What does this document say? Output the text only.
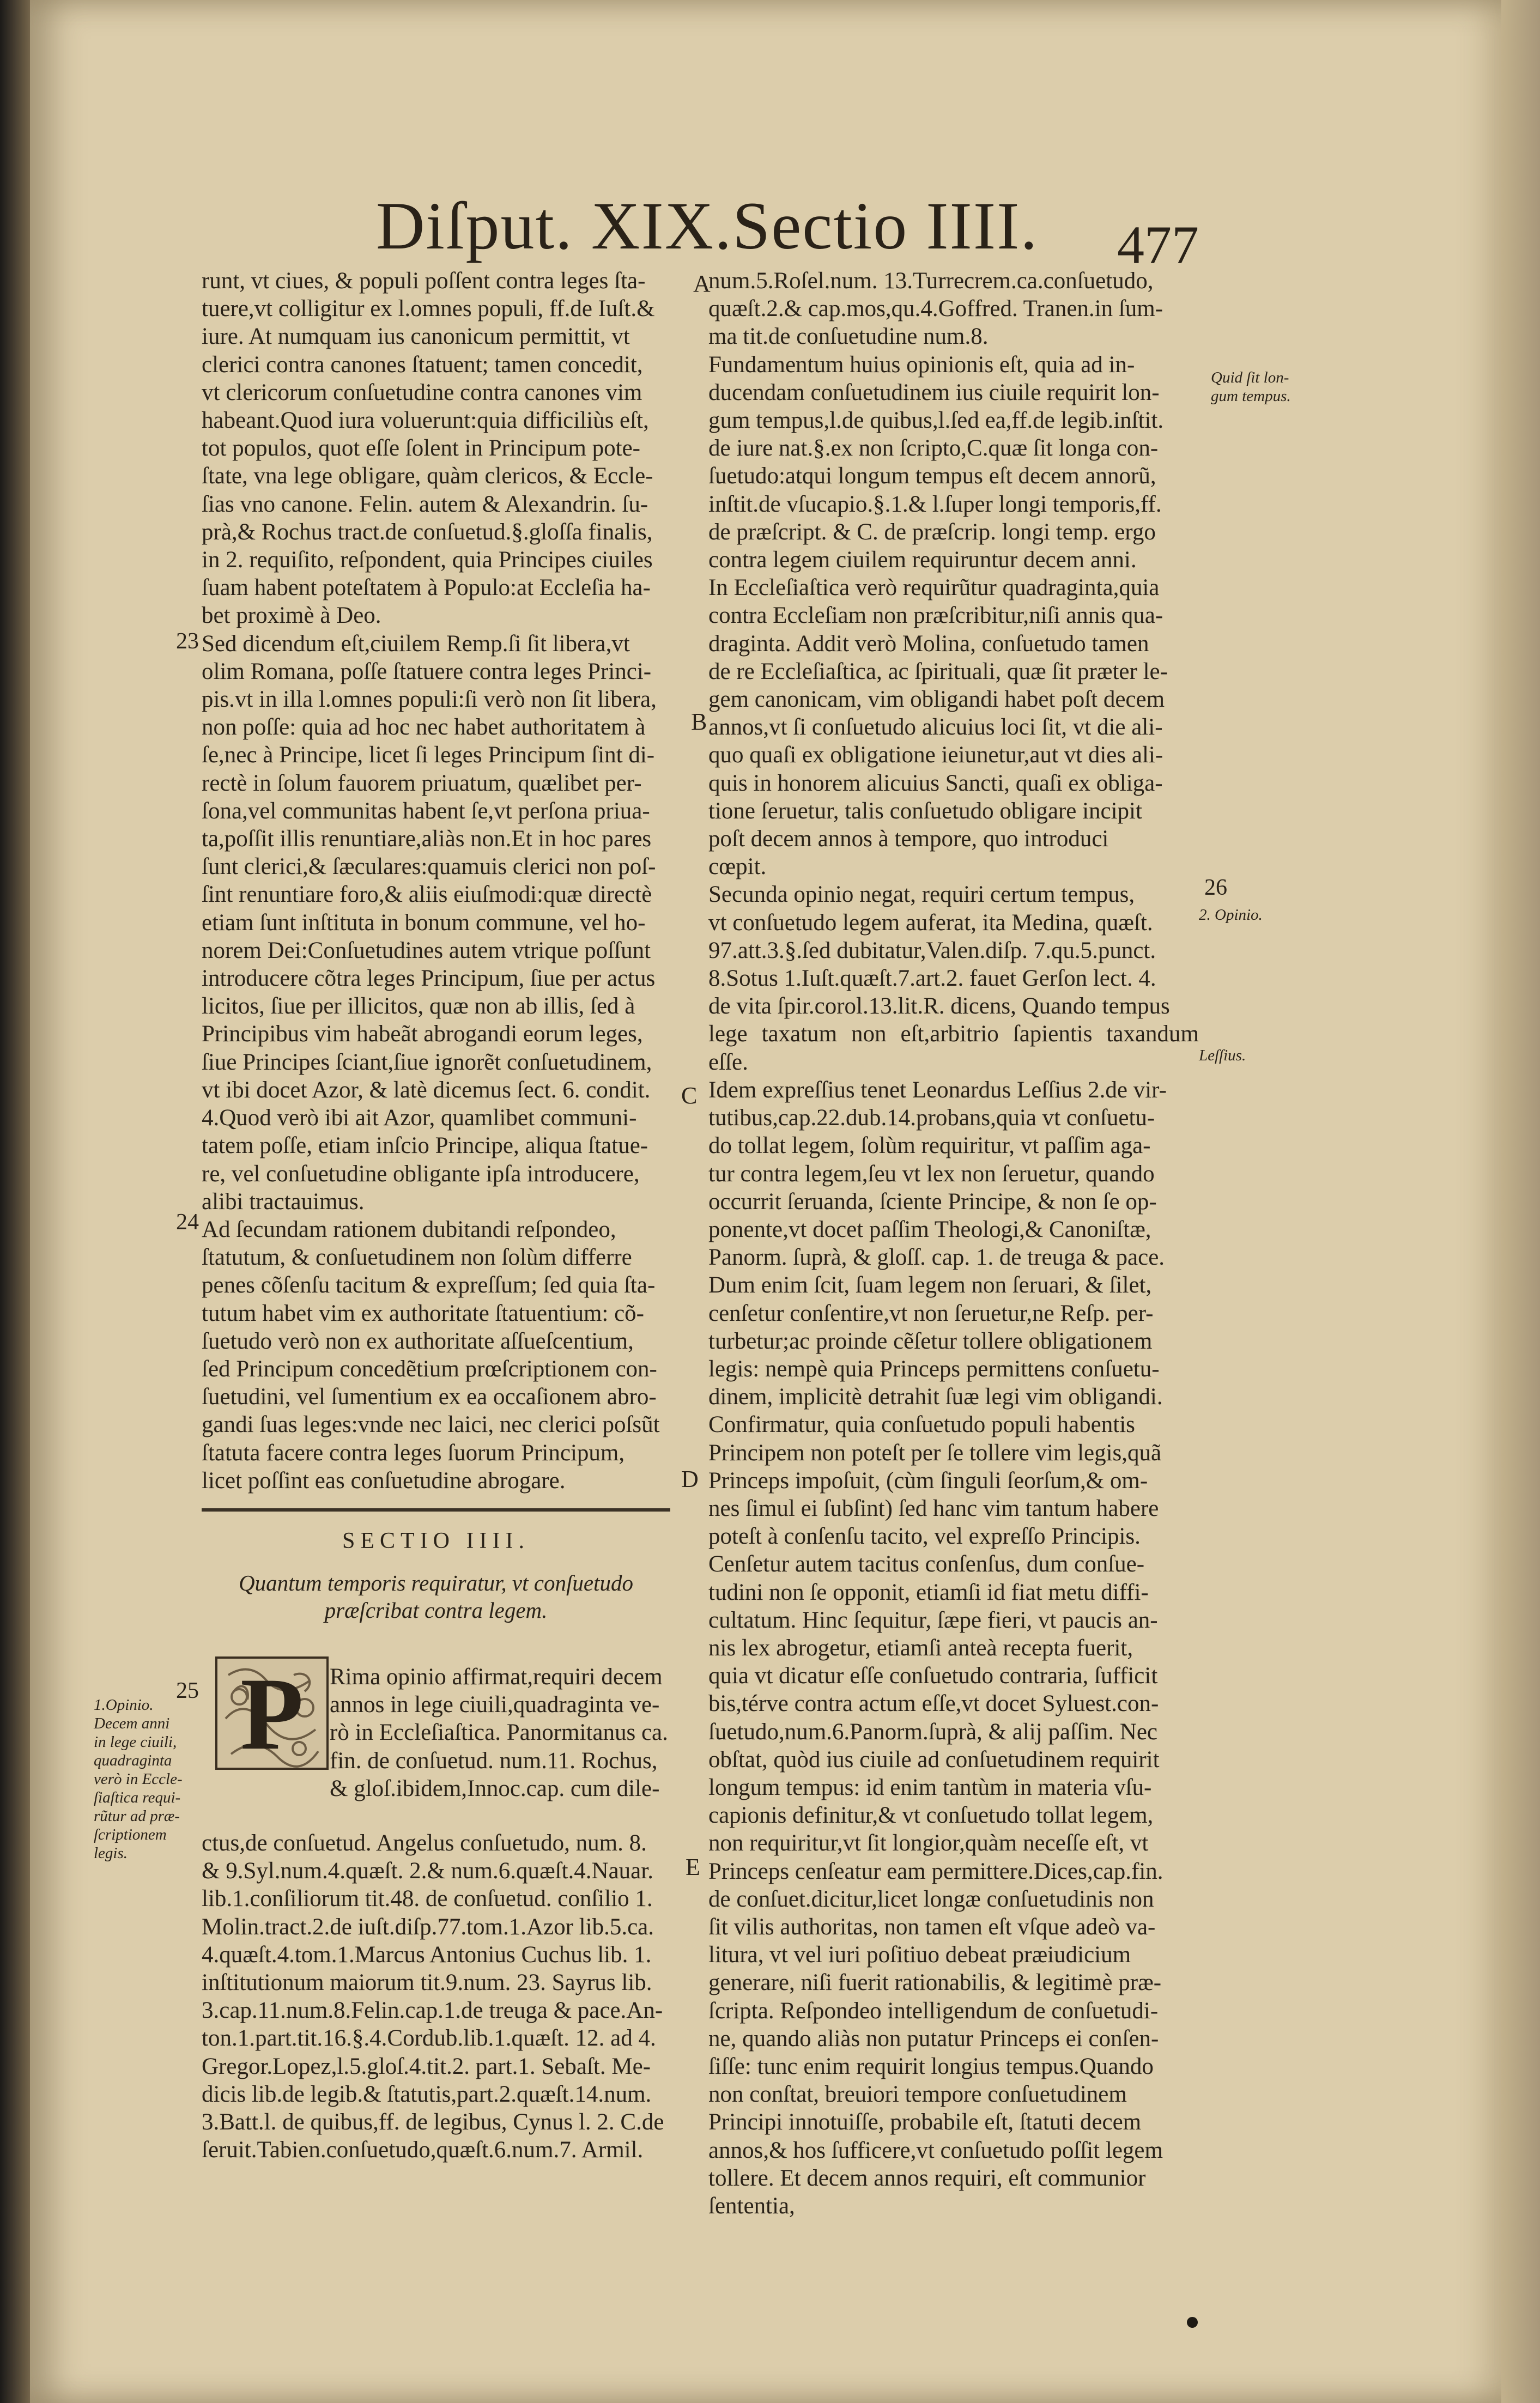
Diſput. XIX.Sectio IIII. 477
runt, vt ciues, & populi poſſent contra leges ſta-
tuere,vt colligitur ex l.omnes populi, ff.de Iuſt.&
iure. At numquam ius canonicum permittit, vt
clerici contra canones ſtatuent; tamen concedit,
vt clericorum conſuetudine contra canones vim
habeant.Quod iura voluerunt:quia difficiliùs eſt,
tot populos, quot eſſe ſolent in Principum pote-
ſtate, vna lege obligare, quàm clericos, & Eccle-
ſias vno canone. Felin. autem & Alexandrin. ſu-
prà,& Rochus tract.de conſuetud.§.gloſſa finalis,
in 2. requiſito, reſpondent, quia Principes ciuiles
ſuam habent poteſtatem à Populo:at Eccleſia ha-
bet proximè à Deo.
Sed dicendum eſt,ciuilem Remp.ſi ſit libera,vt
olim Romana, poſſe ſtatuere contra leges Princi-
pis.vt in illa l.omnes populi:ſi verò non ſit libera,
non poſſe: quia ad hoc nec habet authoritatem à
ſe,nec à Principe, licet ſi leges Principum ſint di-
rectè in ſolum fauorem priuatum, quælibet per-
ſona,vel communitas habent ſe,vt perſona priua-
ta,poſſit illis renuntiare,aliàs non.Et in hoc pares
ſunt clerici,& ſæculares:quamuis clerici non poſ-
ſint renuntiare foro,& aliis eiuſmodi:quæ directè
etiam ſunt inſtituta in bonum commune, vel ho-
norem Dei:Conſuetudines autem vtrique poſſunt
introducere cõtra leges Principum, ſiue per actus
licitos, ſiue per illicitos, quæ non ab illis, ſed à
Principibus vim habeãt abrogandi eorum leges,
ſiue Principes ſciant,ſiue ignorẽt conſuetudinem,
vt ibi docet Azor, & latè dicemus ſect. 6. condit.
4.Quod verò ibi ait Azor, quamlibet communi-
tatem poſſe, etiam inſcio Principe, aliqua ſtatue-
re, vel conſuetudine obligante ipſa introducere,
alibi tractauimus.
Ad ſecundam rationem dubitandi reſpondeo,
ſtatutum, & conſuetudinem non ſolùm differre
penes cõſenſu tacitum & expreſſum; ſed quia ſta-
tutum habet vim ex authoritate ſtatuentium: cõ-
ſuetudo verò non ex authoritate aſſueſcentium,
ſed Principum concedẽtium prœſcriptionem con-
ſuetudini, vel ſumentium ex ea occaſionem abro-
gandi ſuas leges:vnde nec laici, nec clerici poſsũt
ſtatuta facere contra leges ſuorum Principum,
licet poſſint eas conſuetudine abrogare.
23
24
25
26
A
B
C
D
E
SECTIO IIII.
Quantum temporis requiratur, vt conſuetudo
præſcribat contra legem.
P	Rima opinio affirmat,requiri decem
annos in lege ciuili,quadraginta ve-
rò in Eccleſiaſtica. Panormitanus ca.
fin. de conſuetud. num.11. Rochus,
& gloſ.ibidem,Innoc.cap. cum dile-
ctus,de conſuetud. Angelus conſuetudo, num. 8.
& 9.Syl.num.4.quæſt. 2.& num.6.quæſt.4.Nauar.
lib.1.conſiliorum tit.48. de conſuetud. conſilio 1.
Molin.tract.2.de iuſt.diſp.77.tom.1.Azor lib.5.ca.
4.quæſt.4.tom.1.Marcus Antonius Cuchus lib. 1.
inſtitutionum maiorum tit.9.num. 23. Sayrus lib.
3.cap.11.num.8.Felin.cap.1.de treuga & pace.An-
ton.1.part.tit.16.§.4.Cordub.lib.1.quæſt. 12. ad 4.
Gregor.Lopez,l.5.gloſ.4.tit.2. part.1. Sebaſt. Me-
dicis lib.de legib.& ſtatutis,part.2.quæſt.14.num.
3.Batt.l. de quibus,ff. de legibus, Cynus l. 2. C.de
ſeruit.Tabien.conſuetudo,quæſt.6.num.7. Armil.
num.5.Roſel.num. 13.Turrecrem.ca.conſuetudo,
quæſt.2.& cap.mos,qu.4.Goffred. Tranen.in ſum-
ma tit.de conſuetudine num.8.
Fundamentum huius opinionis eſt, quia ad in-
ducendam conſuetudinem ius ciuile requirit lon-
gum tempus,l.de quibus,l.ſed ea,ff.de legib.inſtit.
de iure nat.§.ex non ſcripto,C.quæ ſit longa con-
ſuetudo:atqui longum tempus eſt decem annorũ,
inſtit.de vſucapio.§.1.& l.ſuper longi temporis,ff.
de præſcript. & C. de præſcrip. longi temp. ergo
contra legem ciuilem requiruntur decem anni.
In Eccleſiaſtica verò requirũtur quadraginta,quia
contra Eccleſiam non præſcribitur,niſi annis qua-
draginta. Addit verò Molina, conſuetudo tamen
de re Eccleſiaſtica, ac ſpirituali, quæ ſit præter le-
gem canonicam, vim obligandi habet poſt decem
annos,vt ſi conſuetudo alicuius loci ſit, vt die ali-
quo quaſi ex obligatione ieiunetur,aut vt dies ali-
quis in honorem alicuius Sancti, quaſi ex obliga-
tione ſeruetur, talis conſuetudo obligare incipit
poſt decem annos à tempore, quo introduci
cœpit.
Secunda opinio negat, requiri certum tempus,
vt conſuetudo legem auferat, ita Medina, quæſt.
97.att.3.§.ſed dubitatur,Valen.diſp. 7.qu.5.punct.
8.Sotus 1.Iuſt.quæſt.7.art.2. fauet Gerſon lect. 4.
de vita ſpir.corol.13.lit.R. dicens, Quando tempus
lege taxatum non eſt,arbitrio ſapientis taxandum eſſe.
Idem expreſſius tenet Leonardus Leſſius 2.de vir-
tutibus,cap.22.dub.14.probans,quia vt conſuetu-
do tollat legem, ſolùm requiritur, vt paſſim aga-
tur contra legem,ſeu vt lex non ſeruetur, quando
occurrit ſeruanda, ſciente Principe, & non ſe op-
ponente,vt docet paſſim Theologi,& Canoniſtæ,
Panorm. ſuprà, & gloſſ. cap. 1. de treuga & pace.
Dum enim ſcit, ſuam legem non ſeruari, & ſilet,
cenſetur conſentire,vt non ſeruetur,ne Reſp. per-
turbetur;ac proinde cẽſetur tollere obligationem
legis: nempè quia Princeps permittens conſuetu-
dinem, implicitè detrahit ſuæ legi vim obligandi.
Confirmatur, quia conſuetudo populi habentis
Principem non poteſt per ſe tollere vim legis,quã
Princeps impoſuit, (cùm ſinguli ſeorſum,& om-
nes ſimul ei ſubſint) ſed hanc vim tantum habere
poteſt à conſenſu tacito, vel expreſſo Principis.
Cenſetur autem tacitus conſenſus, dum conſue-
tudini non ſe opponit, etiamſi id fiat metu diffi-
cultatum. Hinc ſequitur, ſæpe fieri, vt paucis an-
nis lex abrogetur, etiamſi anteà recepta fuerit,
quia vt dicatur eſſe conſuetudo contraria, ſufficit
bis,térve contra actum eſſe,vt docet Syluest.con-
ſuetudo,num.6.Panorm.ſuprà, & alij paſſim. Nec
obſtat, quòd ius ciuile ad conſuetudinem requirit
longum tempus: id enim tantùm in materia vſu-
capionis definitur,& vt conſuetudo tollat legem,
non requiritur,vt ſit longior,quàm neceſſe eſt, vt
Princeps cenſeatur eam permittere.Dices,cap.fin.
de conſuet.dicitur,licet longæ conſuetudinis non
ſit vilis authoritas, non tamen eſt vſque adeò va-
litura, vt vel iuri poſitiuo debeat præiudicium
generare, niſi fuerit rationabilis, & legitimè præ-
ſcripta. Reſpondeo intelligendum de conſuetudi-
ne, quando aliàs non putatur Princeps ei conſen-
ſiſſe: tunc enim requirit longius tempus.Quando
non conſtat, breuiori tempore conſuetudinem
Principi innotuiſſe, probabile eſt, ſtatuti decem
annos,& hos ſufficere,vt conſuetudo poſſit legem
tollere. Et decem annos requiri, eſt communior
ſententia,
Quid ſit lon-
gum tempus.
2. Opinio.
Leſſius.
1.Opinio.
Decem anni
in lege ciuili,
quadraginta
verò in Eccle-
ſiaſtica requi-
rũtur ad præ-
ſcriptionem
legis.
